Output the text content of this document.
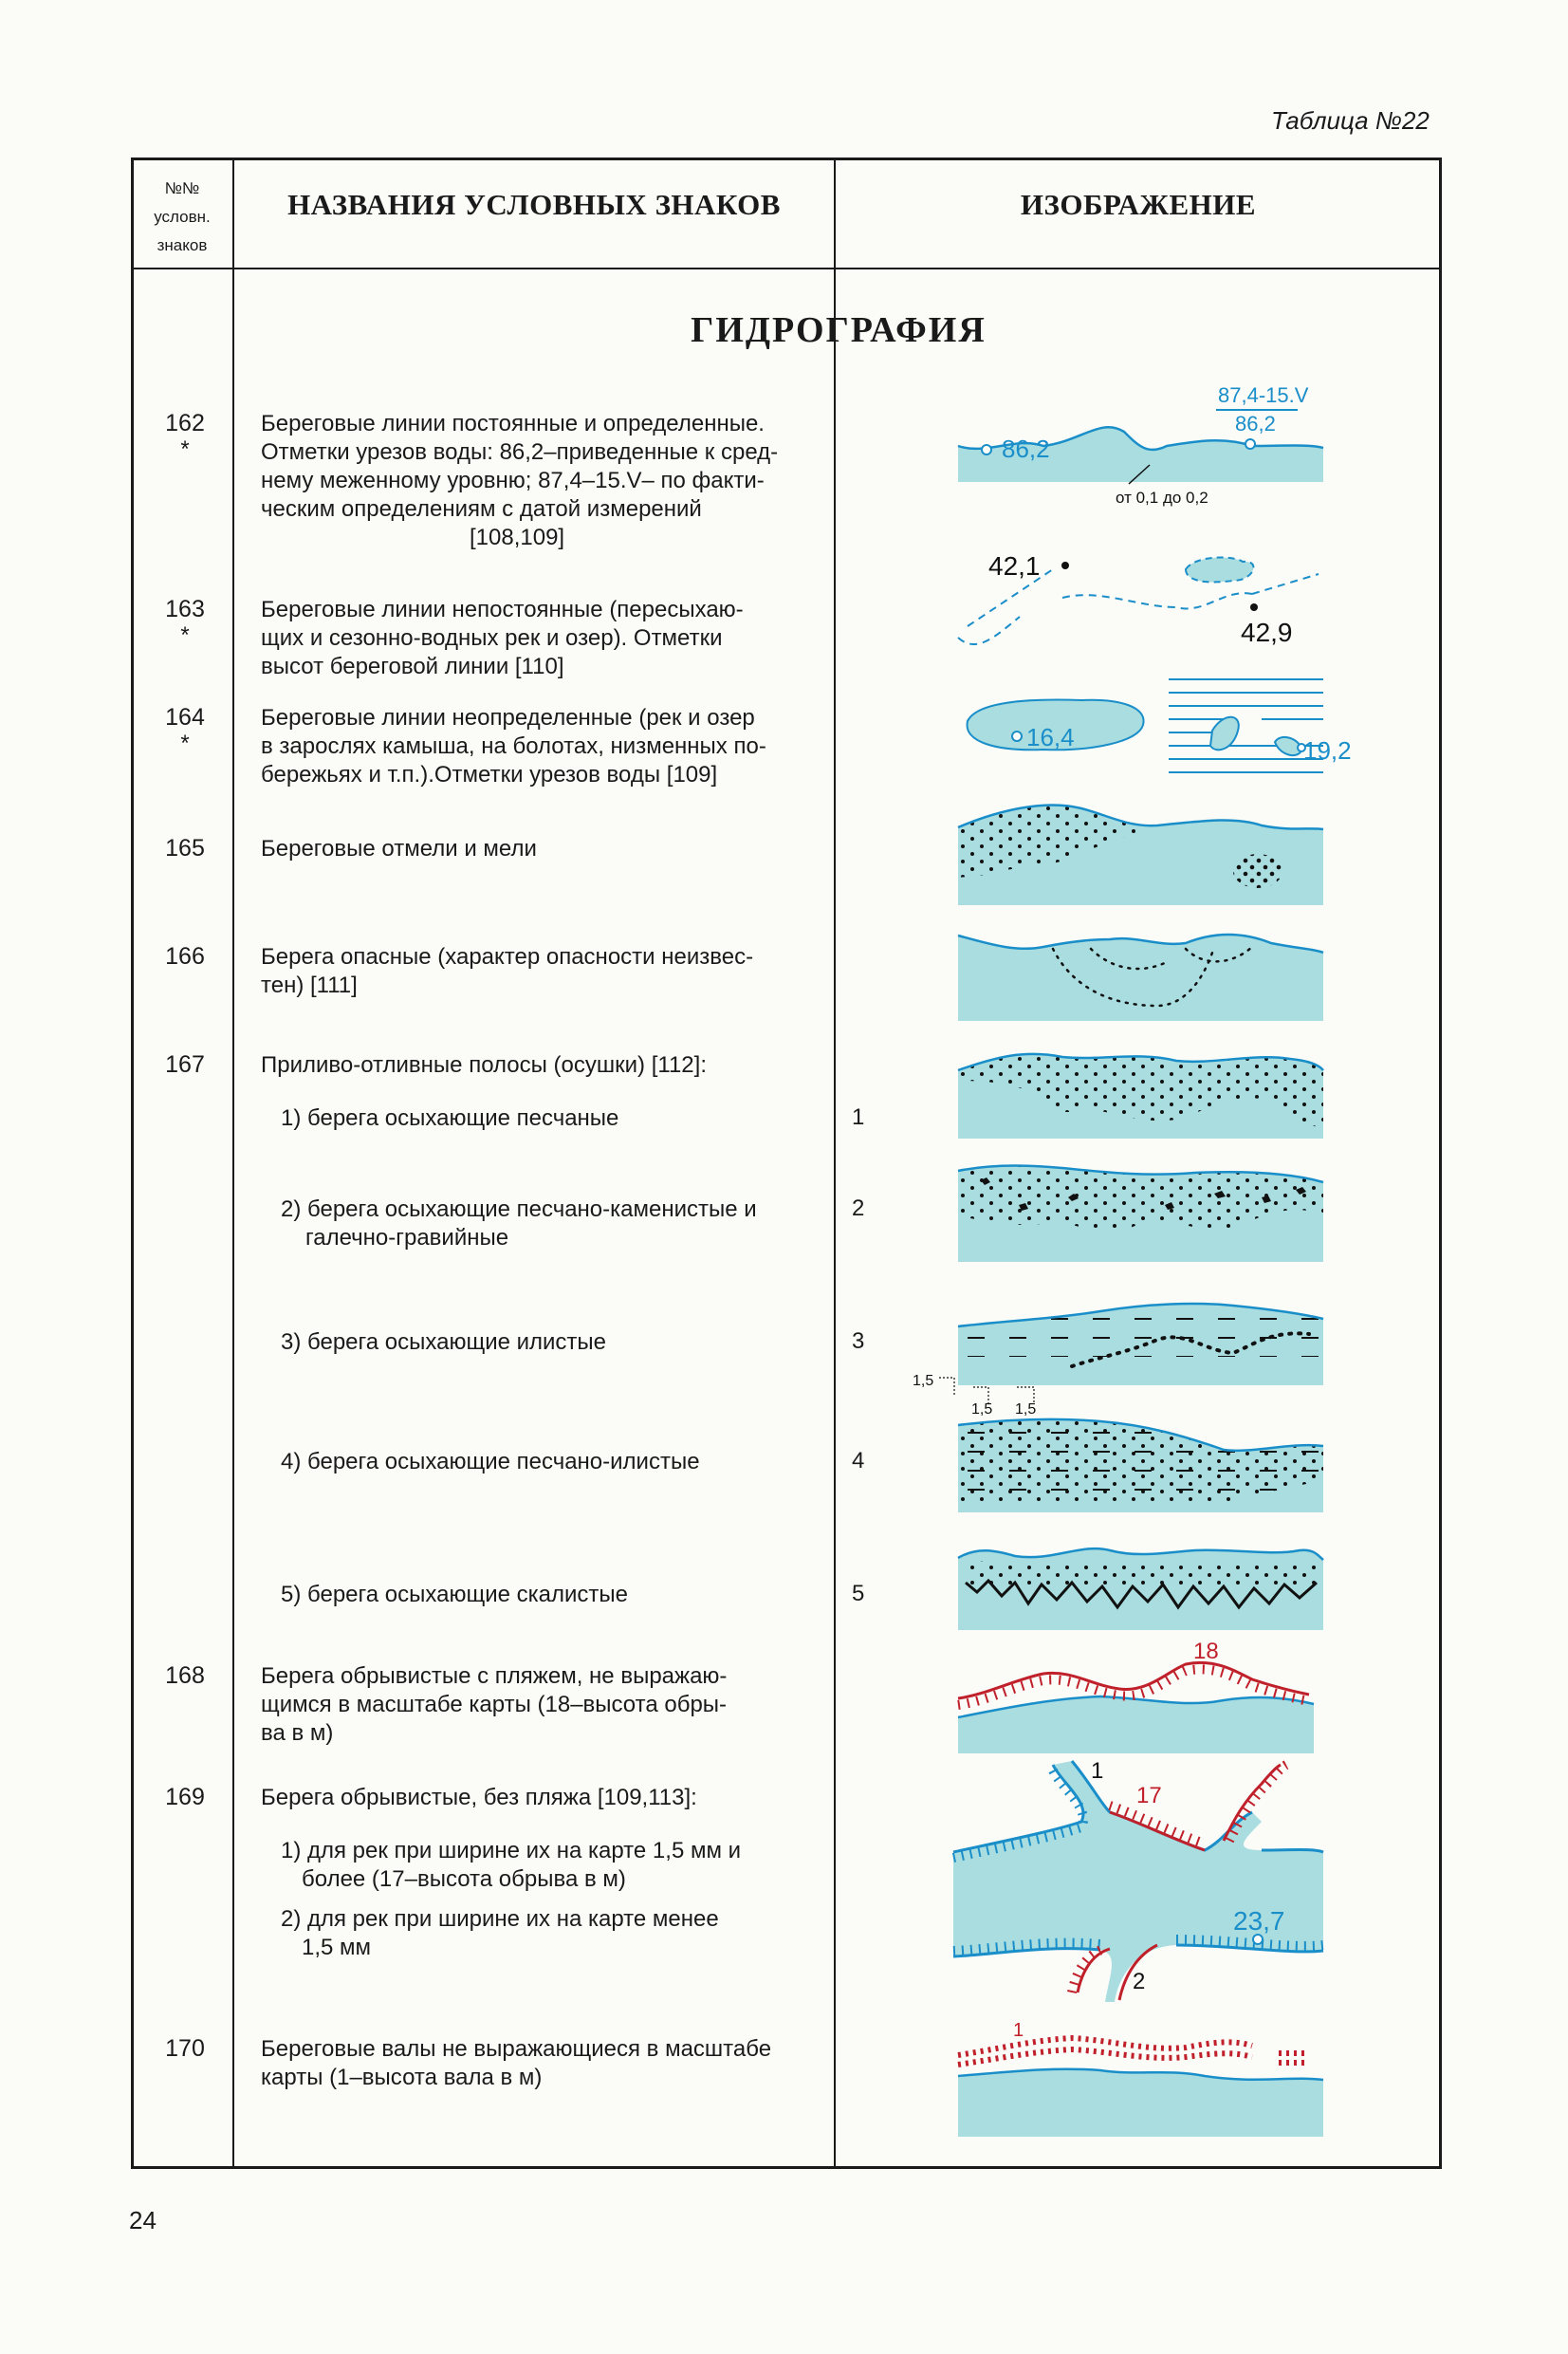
Таблица №22
№№
условн.
знаков
НАЗВАНИЯ УСЛОВНЫХ ЗНАКОВ	ИЗОБРАЖЕНИЕ
ГИДРОГРАФИЯ
162
*
163
*
164
*
165
166
167
168
169
170
Береговые линии постоянные и определенные.
Отметки урезов воды: 86,2–приведенные к сред-
нему меженному уровню; 87,4–15.V– по факти-
ческим определениям с датой измерений
[108,109]
Береговые линии непостоянные (пересыхаю-
щих и сезонно-водных рек и озер). Отметки
высот береговой линии [110]
Береговые линии неопределенные (рек и озер
в зарослях камыша, на болотах, низменных по-
бережьях и т.п.).Отметки урезов воды [109]
Береговые отмели и мели
Берега опасные (характер опасности неизвес-
тен) [111]
Приливо-отливные полосы (осушки) [112]:
1) берега осыхающие песчаные
2) берега осыхающие песчано-каменистые и
галечно-гравийные
3) берега осыхающие илистые
4) берега осыхающие песчано-илистые
5) берега осыхающие скалистые
1
2
3
4
5
Берега обрывистые с пляжем, не выражаю-
щимся в масштабе карты (18–высота обры-
ва в м)
Берега обрывистые, без пляжа [109,113]:
1) для рек при ширине их на карте 1,5 мм и
более (17–высота обрыва в м)
2) для рек при ширине их на карте менее
1,5 мм
Береговые валы не выражающиеся в масштабе
карты (1–высота вала в м)
86,2
87,4-15.V
86,2
от 0,1 до 0,2
42,1
42,9
16,4	19,2
1,5
1,5 1,5
18
1
17
23,7
2
1
24
